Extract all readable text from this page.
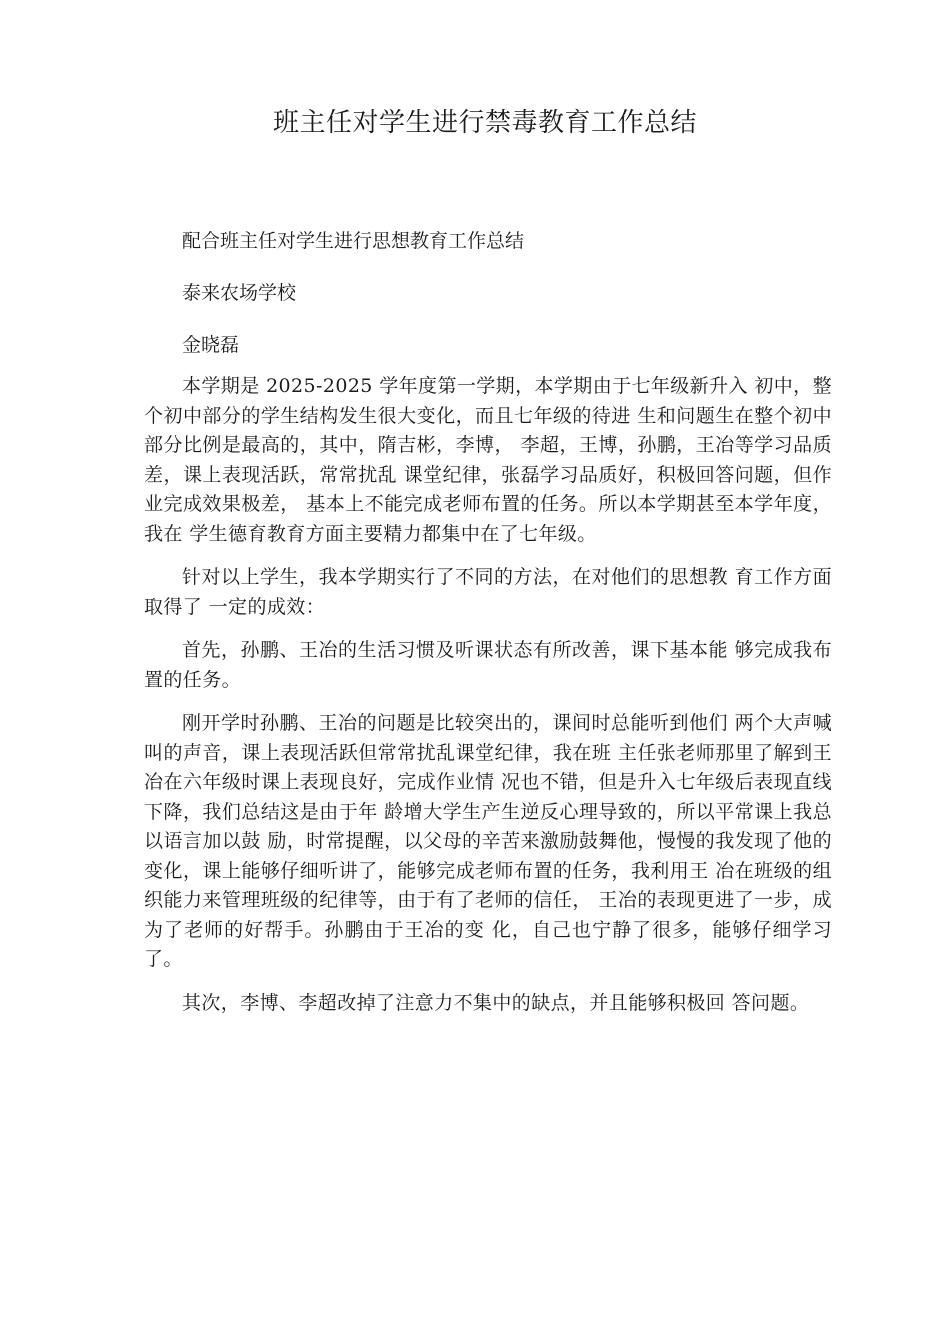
班主任对学生进行禁毒教育工作总结
配合班主任对学生进行思想教育工作总结
泰来农场学校
金晓磊

本学期是 2025-2025 学年度第一学期，本学期由于七年级新升入 初中，整个初中部分的学生结构发生很大变化，而且七年级的待进 生和问题生在整个初中部分比例是最高的，其中，隋吉彬，李博， 李超，王博，孙鹏，王冶等学习品质差，课上表现活跃，常常扰乱 课堂纪律，张磊学习品质好，积极回答问题，但作业完成效果极差， 基本上不能完成老师布置的任务。所以本学期甚至本学年度，我在 学生德育教育方面主要精力都集中在了七年级。

针对以上学生，我本学期实行了不同的方法，在对他们的思想教 育工作方面取得了 一定的成效：

首先，孙鹏、王冶的生活习惯及听课状态有所改善，课下基本能 够完成我布置的任务。

刚开学时孙鹏、王冶的问题是比较突出的，课间时总能听到他们 两个大声喊叫的声音，课上表现活跃但常常扰乱课堂纪律，我在班 主任张老师那里了解到王冶在六年级时课上表现良好，完成作业情 况也不错，但是升入七年级后表现直线下降，我们总结这是由于年 龄增大学生产生逆反心理导致的，所以平常课上我总以语言加以鼓 励，时常提醒，以父母的辛苦来激励鼓舞他，慢慢的我发现了他的 变化，课上能够仔细听讲了，能够完成老师布置的任务，我利用王 冶在班级的组织能力来管理班级的纪律等，由于有了老师的信任， 王冶的表现更进了一步，成为了老师的好帮手。孙鹏由于王冶的变 化，自己也宁静了很多，能够仔细学习了。

其次，李博、李超改掉了注意力不集中的缺点，并且能够积极回 答问题。
